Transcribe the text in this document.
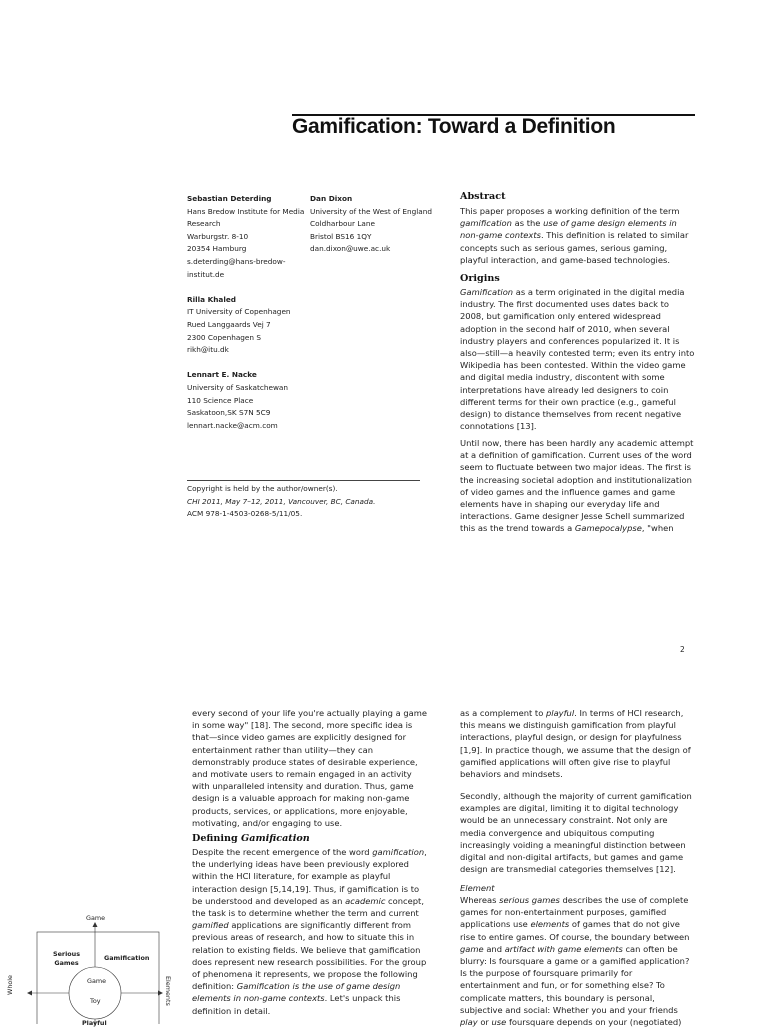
Gamification: Toward a Definition
Sebastian Deterding
Hans Bredow Institute for Media
Research
Warburgstr. 8-10
20354 Hamburg
s.deterding@hans-bredow-
institut.de
Rilla Khaled
IT University of Copenhagen
Rued Langgaards Vej 7
2300 Copenhagen S
rikh@itu.dk
Lennart E. Nacke
University of Saskatchewan
110 Science Place
Saskatoon,SK S7N 5C9
lennart.nacke@acm.com
Dan Dixon
University of the West of England
Coldharbour Lane
Bristol BS16 1QY
dan.dixon@uwe.ac.uk
Copyright is held by the author/owner(s).
CHI 2011, May 7–12, 2011, Vancouver, BC, Canada.
ACM 978-1-4503-0268-5/11/05.
Abstract
This paper proposes a working definition of the term
gamification as the use of game design elements in
non-game contexts. This definition is related to similar
concepts such as serious games, serious gaming,
playful interaction, and game-based technologies.
Origins
Gamification as a term originated in the digital media
industry. The first documented uses dates back to
2008, but gamification only entered widespread
adoption in the second half of 2010, when several
industry players and conferences popularized it. It is
also—still—a heavily contested term; even its entry into
Wikipedia has been contested. Within the video game
and digital media industry, discontent with some
interpretations have already led designers to coin
different terms for their own practice (e.g., gameful
design) to distance themselves from recent negative
connotations [13].
Until now, there has been hardly any academic attempt
at a definition of gamification. Current uses of the word
seem to fluctuate between two major ideas. The first is
the increasing societal adoption and institutionalization
of video games and the influence games and game
elements have in shaping our everyday life and
interactions. Game designer Jesse Schell summarized
this as the trend towards a Gamepocalypse, "when
2
every second of your life you're actually playing a game
in some way" [18]. The second, more specific idea is
that—since video games are explicitly designed for
entertainment rather than utility—they can
demonstrably produce states of desirable experience,
and motivate users to remain engaged in an activity
with unparalleled intensity and duration. Thus, game
design is a valuable approach for making non-game
products, services, or applications, more enjoyable,
motivating, and/or engaging to use.
Defining Gamification
Despite the recent emergence of the word gamification,
the underlying ideas have been previously explored
within the HCI literature, for example as playful
interaction design [5,14,19]. Thus, if gamification is to
be understood and developed as an academic concept,
the task is to determine whether the term and current
gamified applications are significantly different from
previous areas of research, and how to situate this in
relation to existing fields. We believe that gamification
does represent new research possibilities. For the group
of phenomena it represents, we propose the following
definition: Gamification is the use of game design
elements in non-game contexts. Let's unpack this
definition in detail.
as a complement to playful. In terms of HCI research,
this means we distinguish gamification from playful
interactions, playful design, or design for playfulness
[1,9]. In practice though, we assume that the design of
gamified applications will often give rise to playful
behaviors and mindsets.
Secondly, although the majority of current gamification
examples are digital, limiting it to digital technology
would be an unnecessary constraint. Not only are
media convergence and ubiquitous computing
increasingly voiding a meaningful distinction between
digital and non-digital artifacts, but games and game
design are transmedial categories themselves [12].
Element
Whereas serious games describes the use of complete
games for non-entertainment purposes, gamified
applications use elements of games that do not give
rise to entire games. Of course, the boundary between
game and artifact with game elements can often be
blurry: Is foursquare a game or a gamified application?
Is the purpose of foursquare primarily for
entertainment and fun, or for something else? To
complicate matters, this boundary is personal,
subjective and social: Whether you and your friends
play or use foursquare depends on your (negotiated)
Game
Serious
Games
Gamification
Game
Toy
Whole	Elements
Playful
